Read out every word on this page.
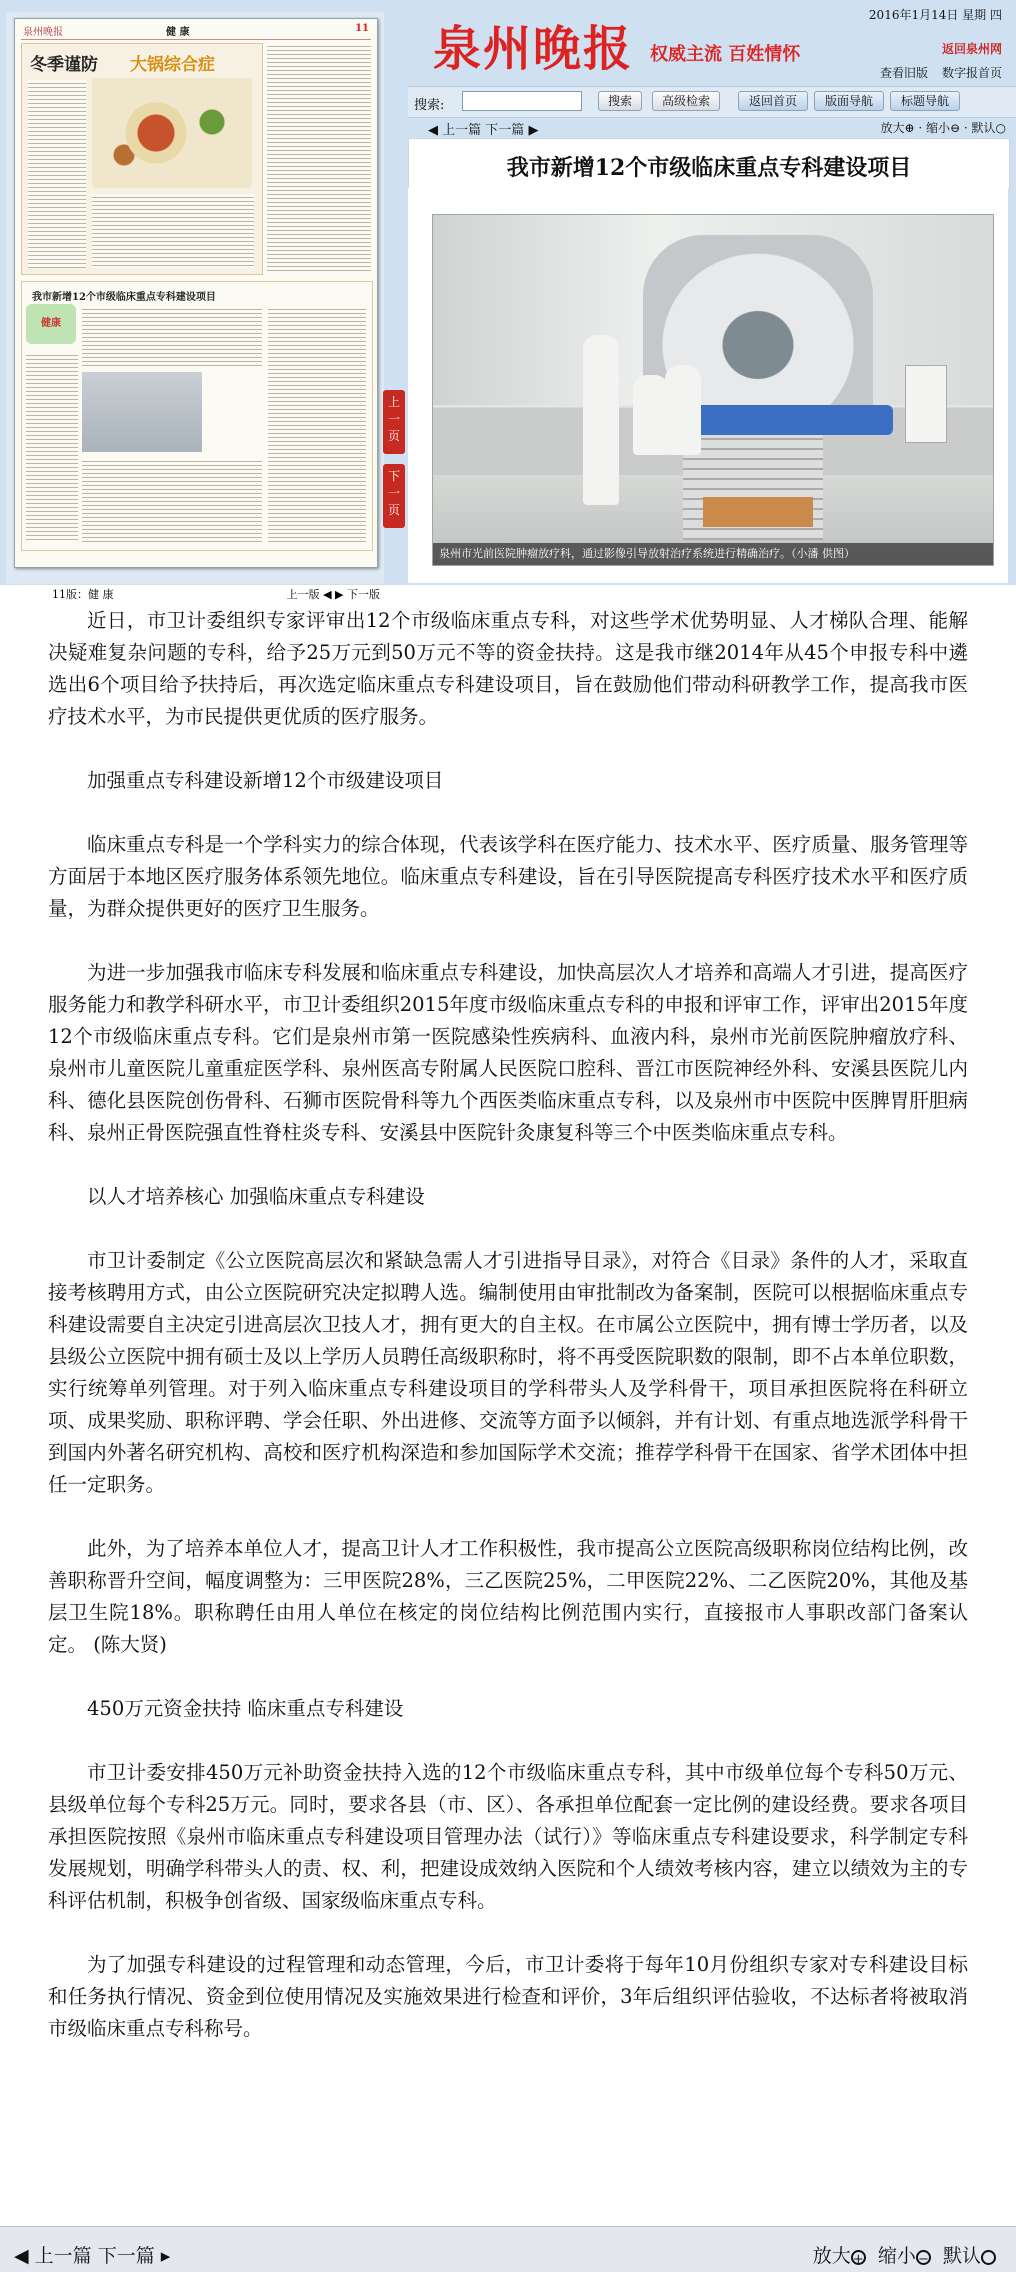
泉州晚报	健 康	11
冬季谨防 大锅综合症
我市新增12个市级临床重点专科建设项目
健康
11版：健 康	上一版 ◀ ▶ 下一版
上一页
下一页
泉州晚报 权威主流 百姓情怀
2016年1月14日 星期 四
返回泉州网
查看旧版 数字报首页
搜索:	搜索	高级检索	返回首页	版面导航	标题导航
◀ 上一篇 下一篇 ▶	放大⊕ · 缩小⊖ · 默认○
我市新增12个市级临床重点专科建设项目
泉州市光前医院肿瘤放疗科，通过影像引导放射治疗系统进行精确治疗。（小潘 供图）

近日，市卫计委组织专家评审出12个市级临床重点专科，对这些学术优势明显、人才梯队合理、能解决疑难复杂问题的专科，给予25万元到50万元不等的资金扶持。这是我市继2014年从45个申报专科中遴选出6个项目给予扶持后，再次选定临床重点专科建设项目，旨在鼓励他们带动科研教学工作，提高我市医疗技术水平，为市民提供更优质的医疗服务。

加强重点专科建设新增12个市级建设项目

临床重点专科是一个学科实力的综合体现，代表该学科在医疗能力、技术水平、医疗质量、服务管理等方面居于本地区医疗服务体系领先地位。临床重点专科建设，旨在引导医院提高专科医疗技术水平和医疗质量，为群众提供更好的医疗卫生服务。

为进一步加强我市临床专科发展和临床重点专科建设，加快高层次人才培养和高端人才引进，提高医疗服务能力和教学科研水平，市卫计委组织2015年度市级临床重点专科的申报和评审工作，评审出2015年度12个市级临床重点专科。它们是泉州市第一医院感染性疾病科、血液内科，泉州市光前医院肿瘤放疗科、泉州市儿童医院儿童重症医学科、泉州医高专附属人民医院口腔科、晋江市医院神经外科、安溪县医院儿内科、德化县医院创伤骨科、石狮市医院骨科等九个西医类临床重点专科，以及泉州市中医院中医脾胃肝胆病科、泉州正骨医院强直性脊柱炎专科、安溪县中医院针灸康复科等三个中医类临床重点专科。

以人才培养核心 加强临床重点专科建设

市卫计委制定《公立医院高层次和紧缺急需人才引进指导目录》，对符合《目录》条件的人才，采取直接考核聘用方式，由公立医院研究决定拟聘人选。编制使用由审批制改为备案制，医院可以根据临床重点专科建设需要自主决定引进高层次卫技人才，拥有更大的自主权。在市属公立医院中，拥有博士学历者，以及县级公立医院中拥有硕士及以上学历人员聘任高级职称时，将不再受医院职数的限制，即不占本单位职数，实行统筹单列管理。对于列入临床重点专科建设项目的学科带头人及学科骨干，项目承担医院将在科研立项、成果奖励、职称评聘、学会任职、外出进修、交流等方面予以倾斜，并有计划、有重点地选派学科骨干到国内外著名研究机构、高校和医疗机构深造和参加国际学术交流；推荐学科骨干在国家、省学术团体中担任一定职务。

此外，为了培养本单位人才，提高卫计人才工作积极性，我市提高公立医院高级职称岗位结构比例，改善职称晋升空间，幅度调整为：三甲医院28%，三乙医院25%，二甲医院22%、二乙医院20%，其他及基层卫生院18%。职称聘任由用人单位在核定的岗位结构比例范围内实行，直接报市人事职改部门备案认定。 (陈大贤)

450万元资金扶持 临床重点专科建设

市卫计委安排450万元补助资金扶持入选的12个市级临床重点专科，其中市级单位每个专科50万元、县级单位每个专科25万元。同时，要求各县（市、区）、各承担单位配套一定比例的建设经费。要求各项目承担医院按照《泉州市临床重点专科建设项目管理办法（试行）》等临床重点专科建设要求，科学制定专科发展规划，明确学科带头人的责、权、利，把建设成效纳入医院和个人绩效考核内容，建立以绩效为主的专科评估机制，积极争创省级、国家级临床重点专科。

为了加强专科建设的过程管理和动态管理，今后，市卫计委将于每年10月份组织专家对专科建设目标和任务执行情况、资金到位使用情况及实施效果进行检查和评价，3年后组织评估验收，不达标者将被取消市级临床重点专科称号。

◀ 上一篇 下一篇 ▸	放大 + 缩小 − 默认
